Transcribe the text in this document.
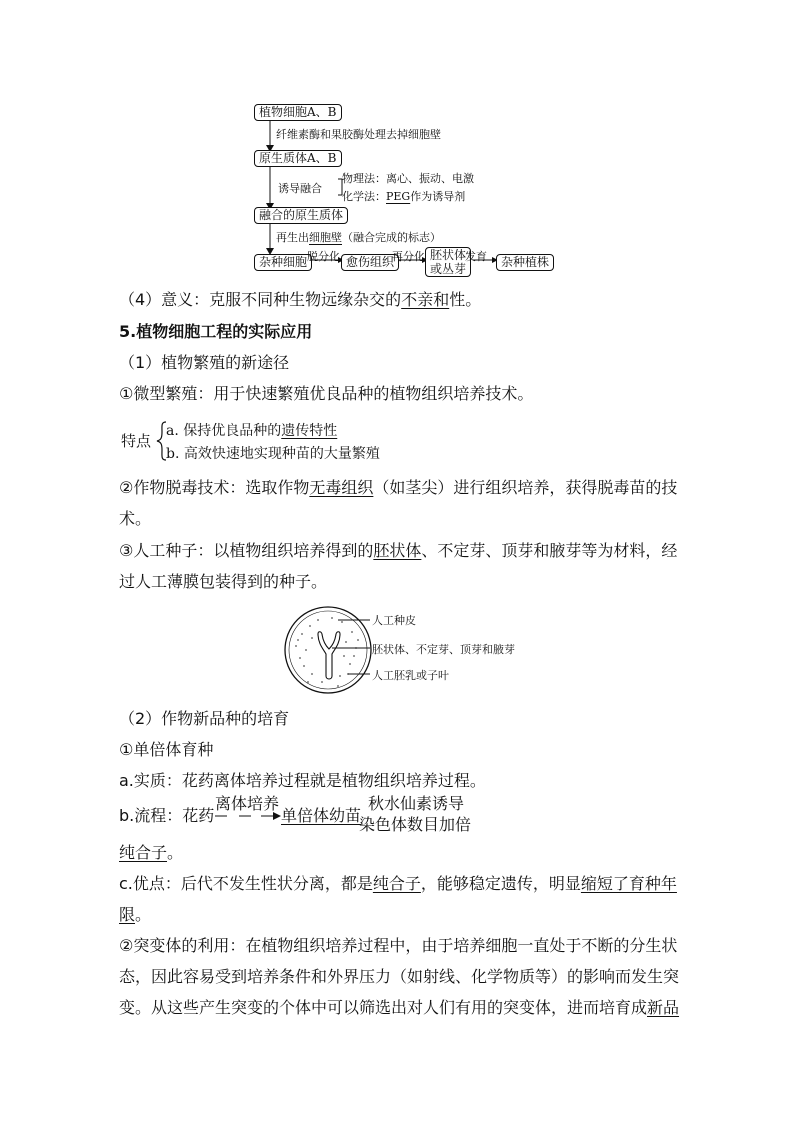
植物细胞A、B
纤维素酶和果胶酶处理去掉细胞壁
原生质体A、B
诱导融合
物理法：离心、振动、电激
化学法：PEG作为诱导剂
融合的原生质体
再生出细胞壁（融合完成的标志）
杂种细胞 脱分化 愈伤组织
再分化 胚状体
或丛芽
发育	杂种植株
（4）意义：克服不同种生物远缘杂交的不亲和性。
5.植物细胞工程的实际应用
（1）植物繁殖的新途径
①微型繁殖：用于快速繁殖优良品种的植物组织培养技术。
特点
a. 保持优良品种的遗传特性
b. 高效快速地实现种苗的大量繁殖
②作物脱毒技术：选取作物无毒组织（如茎尖）进行组织培养，获得脱毒苗的技
术。
③人工种子：以植物组织培养得到的胚状体、不定芽、顶芽和腋芽等为材料，经
过人工薄膜包装得到的种子。
人工种皮
胚状体、不定芽、顶芽和腋芽
人工胚乳或子叶
（2）作物新品种的培育
①单倍体育种
a.实质：花药离体培养过程就是植物组织培养过程。
b.流程：花药
离体培养
单倍体幼苗
秋水仙素诱导
染色体数目加倍
纯合子。
c.优点：后代不发生性状分离，都是纯合子，能够稳定遗传，明显缩短了育种年
限。
②突变体的利用：在植物组织培养过程中，由于培养细胞一直处于不断的分生状
态，因此容易受到培养条件和外界压力（如射线、化学物质等）的影响而发生突
变。从这些产生突变的个体中可以筛选出对人们有用的突变体，进而培育成新品
